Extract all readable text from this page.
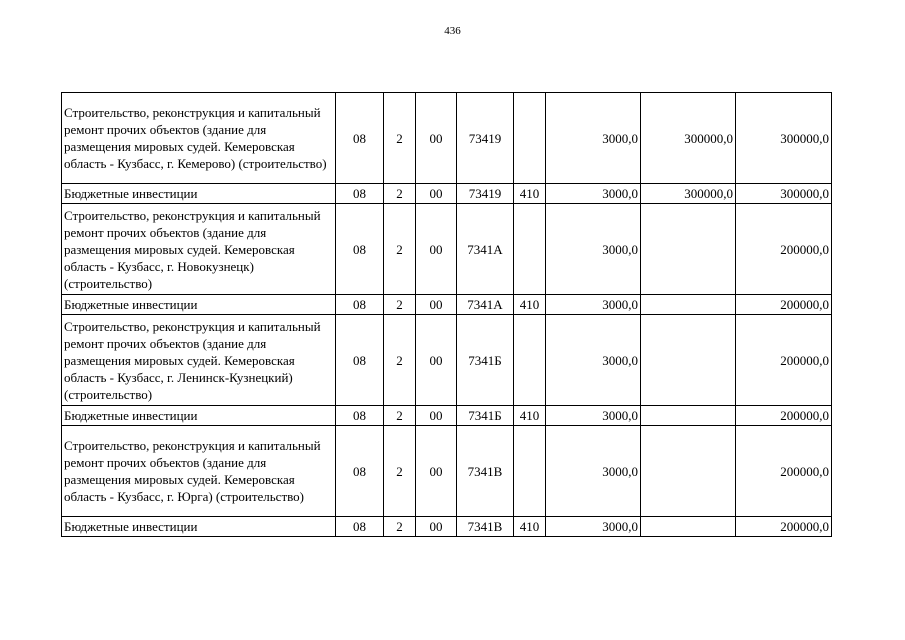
436
Строительство, реконструкция и капитальный ремонт прочих объектов (здание для размещения мировых судей. Кемеровская область - Кузбасс, г. Кемерово) (строительство)	08	2	00	73419		3000,0	300000,0	300000,0
Бюджетные инвестиции	08	2	00	73419	410	3000,0	300000,0	300000,0
Строительство, реконструкция и капитальный ремонт прочих объектов (здание для размещения мировых судей. Кемеровская область - Кузбасс, г. Новокузнецк) (строительство)	08	2	00	7341А		3000,0		200000,0
Бюджетные инвестиции	08	2	00	7341А	410	3000,0		200000,0
Строительство, реконструкция и капитальный ремонт прочих объектов (здание для размещения мировых судей. Кемеровская область - Кузбасс, г. Ленинск-Кузнецкий) (строительство)	08	2	00	7341Б		3000,0		200000,0
Бюджетные инвестиции	08	2	00	7341Б	410	3000,0		200000,0
Строительство, реконструкция и капитальный ремонт прочих объектов (здание для размещения мировых судей. Кемеровская область - Кузбасс, г. Юрга) (строительство)	08	2	00	7341В		3000,0		200000,0
Бюджетные инвестиции	08	2	00	7341В	410	3000,0		200000,0
